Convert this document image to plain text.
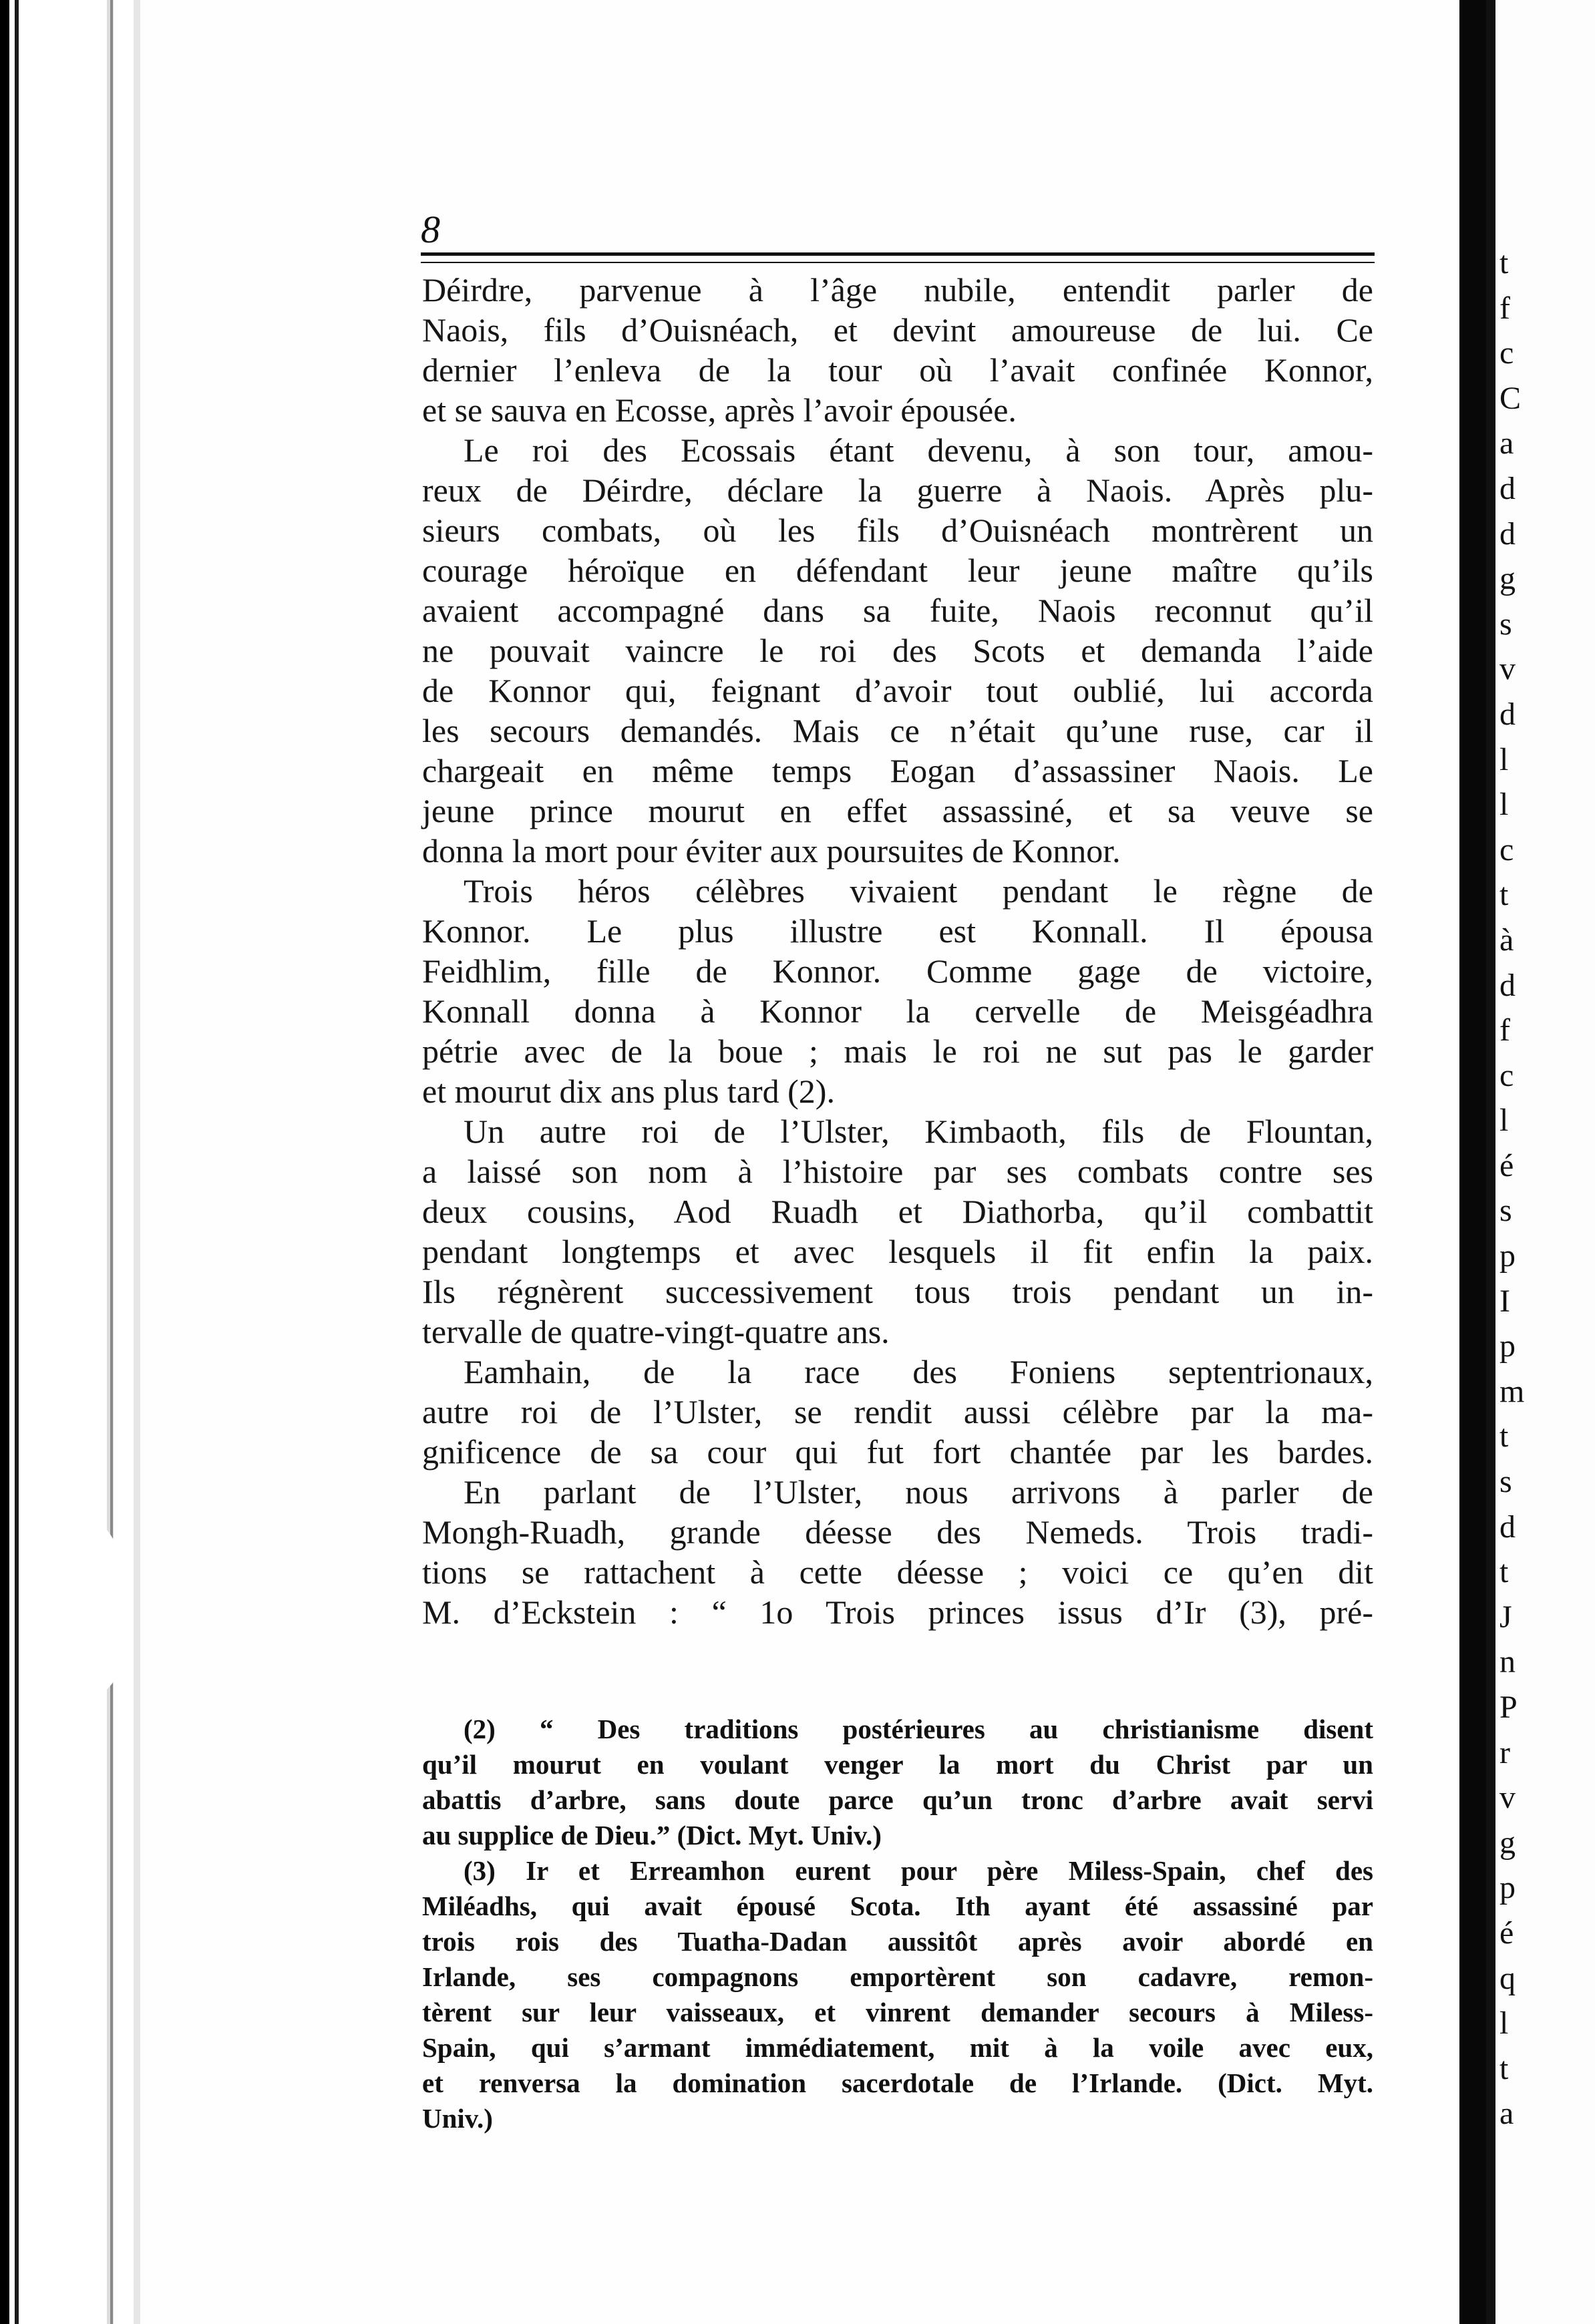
8
Déirdre, parvenue à l’âge nubile, entendit parler de
Naois, fils d’Ouisnéach, et devint amoureuse de lui. Ce
dernier l’enleva de la tour où l’avait confinée Konnor,
et se sauva en Ecosse, après l’avoir épousée.
Le roi des Ecossais étant devenu, à son tour, amou-
reux de Déirdre, déclare la guerre à Naois. Après plu-
sieurs combats, où les fils d’Ouisnéach montrèrent un
courage héroïque en défendant leur jeune maître qu’ils
avaient accompagné dans sa fuite, Naois reconnut qu’il
ne pouvait vaincre le roi des Scots et demanda l’aide
de Konnor qui, feignant d’avoir tout oublié, lui accorda
les secours demandés. Mais ce n’était qu’une ruse, car il
chargeait en même temps Eogan d’assassiner Naois. Le
jeune prince mourut en effet assassiné, et sa veuve se
donna la mort pour éviter aux poursuites de Konnor.
Trois héros célèbres vivaient pendant le règne de
Konnor. Le plus illustre est Konnall. Il épousa
Feidhlim, fille de Konnor. Comme gage de victoire,
Konnall donna à Konnor la cervelle de Meisgéadhra
pétrie avec de la boue ; mais le roi ne sut pas le garder
et mourut dix ans plus tard (2).
Un autre roi de l’Ulster, Kimbaoth, fils de Flountan,
a laissé son nom à l’histoire par ses combats contre ses
deux cousins, Aod Ruadh et Diathorba, qu’il combattit
pendant longtemps et avec lesquels il fit enfin la paix.
Ils régnèrent successivement tous trois pendant un in-
tervalle de quatre-vingt-quatre ans.
Eamhain, de la race des Foniens septentrionaux,
autre roi de l’Ulster, se rendit aussi célèbre par la ma-
gnificence de sa cour qui fut fort chantée par les bardes.
En parlant de l’Ulster, nous arrivons à parler de
Mongh-Ruadh, grande déesse des Nemeds. Trois tradi-
tions se rattachent à cette déesse ; voici ce qu’en dit
M. d’Eckstein : “ 1o Trois princes issus d’Ir (3), pré-
(2) “ Des traditions postérieures au christianisme disent
qu’il mourut en voulant venger la mort du Christ par un
abattis d’arbre, sans doute parce qu’un tronc d’arbre avait servi
au supplice de Dieu.” (Dict. Myt. Univ.)
(3) Ir et Erreamhon eurent pour père Miless-Spain, chef des
Miléadhs, qui avait épousé Scota. Ith ayant été assassiné par
trois rois des Tuatha-Dadan aussitôt après avoir abordé en
Irlande, ses compagnons emportèrent son cadavre, remon-
tèrent sur leur vaisseaux, et vinrent demander secours à Miless-
Spain, qui s’armant immédiatement, mit à la voile avec eux,
et renversa la domination sacerdotale de l’Irlande. (Dict. Myt.
Univ.)
t
f
c
C
a
d
d
g
s
v
d
l
l
c
t
à
d
f
c
l
é
s
p
I
p
m
t
s
d
t
J
n
P
r
v
g
p
é
q
l
t
a
